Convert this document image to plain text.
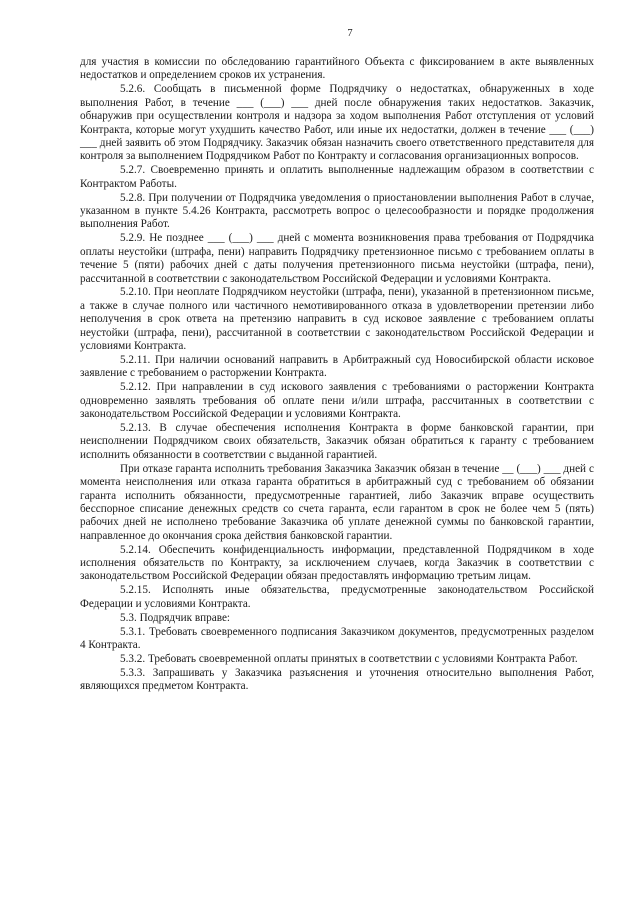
7

для участия в комиссии по обследованию гарантийного Объекта с фиксированием в акте выявленных недостатков и определением сроков их устранения.

5.2.6. Сообщать в письменной форме Подрядчику о недостатках, обнаруженных в ходе выполнения Работ, в течение ___ (___) ___ дней после обнаружения таких недостатков. Заказчик, обнаружив при осуществлении контроля и надзора за ходом выполнения Работ отступления от условий Контракта, которые могут ухудшить качество Работ, или иные их недостатки, должен в течение ___ (___) ___ дней заявить об этом Подрядчику. Заказчик обязан назначить своего ответственного представителя для контроля за выполнением Подрядчиком Работ по Контракту и согласования организационных вопросов.

5.2.7. Своевременно принять и оплатить выполненные надлежащим образом в соответствии с Контрактом Работы.

5.2.8. При получении от Подрядчика уведомления о приостановлении выполнения Работ в случае, указанном в пункте 5.4.26 Контракта, рассмотреть вопрос о целесообразности и порядке продолжения выполнения Работ.

5.2.9. Не позднее ___ (___) ___ дней с момента возникновения права требования от Подрядчика оплаты неустойки (штрафа, пени) направить Подрядчику претензионное письмо с требованием оплаты в течение 5 (пяти) рабочих дней с даты получения претензионного письма неустойки (штрафа, пени), рассчитанной в соответствии с законодательством Российской Федерации и условиями Контракта.

5.2.10. При неоплате Подрядчиком неустойки (штрафа, пени), указанной в претензионном письме, а также в случае полного или частичного немотивированного отказа в удовлетворении претензии либо неполучения в срок ответа на претензию направить в суд исковое заявление с требованием оплаты неустойки (штрафа, пени), рассчитанной в соответствии с законодательством Российской Федерации и условиями Контракта.

5.2.11. При наличии оснований направить в Арбитражный суд Новосибирской области исковое заявление с требованием о расторжении Контракта.

5.2.12. При направлении в суд искового заявления с требованиями о расторжении Контракта одновременно заявлять требования об оплате пени и/или штрафа, рассчитанных в соответствии с законодательством Российской Федерации и условиями Контракта.

5.2.13. В случае обеспечения исполнения Контракта в форме банковской гарантии, при неисполнении Подрядчиком своих обязательств, Заказчик обязан обратиться к гаранту с требованием исполнить обязанности в соответствии с выданной гарантией.

При отказе гаранта исполнить требования Заказчика Заказчик обязан в течение __ (___) ___ дней с момента неисполнения или отказа гаранта обратиться в арбитражный суд с требованием об обязании гаранта исполнить обязанности, предусмотренные гарантией, либо Заказчик вправе осуществить бесспорное списание денежных средств со счета гаранта, если гарантом в срок не более чем 5 (пять) рабочих дней не исполнено требование Заказчика об уплате денежной суммы по банковской гарантии, направленное до окончания срока действия банковской гарантии.

5.2.14. Обеспечить конфиденциальность информации, представленной Подрядчиком в ходе исполнения обязательств по Контракту, за исключением случаев, когда Заказчик в соответствии с законодательством Российской Федерации обязан предоставлять информацию третьим лицам.

5.2.15. Исполнять иные обязательства, предусмотренные законодательством Российской Федерации и условиями Контракта.

5.3. Подрядчик вправе:

5.3.1. Требовать своевременного подписания Заказчиком документов, предусмотренных разделом 4 Контракта.

5.3.2. Требовать своевременной оплаты принятых в соответствии с условиями Контракта Работ.

5.3.3. Запрашивать у Заказчика разъяснения и уточнения относительно выполнения Работ, являющихся предметом Контракта.
